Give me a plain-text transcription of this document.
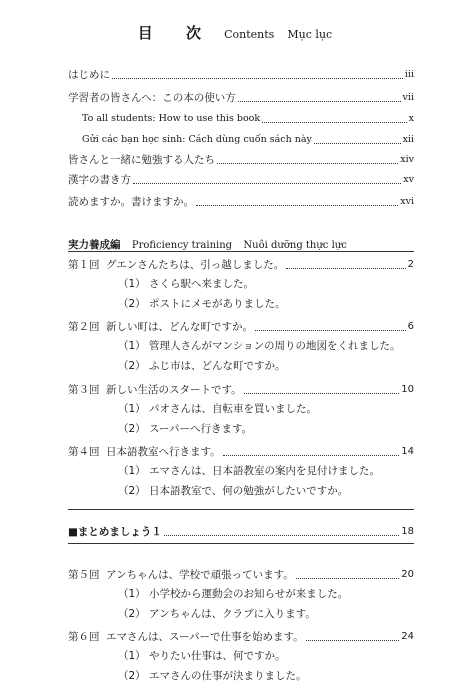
目 次 Contents Mục lục
はじめに	iii
学習者の皆さんへ：この本の使い方	vii
To all students: How to use this book	x
Gửi các bạn học sinh: Cách dùng cuốn sách này	xii
皆さんと一緒に勉強する人たち	xiv
漢字の書き方	xv
読めますか。書けますか。	xvi
実力養成編 Proficiency training Nuôi dưỡng thực lực
第１回 グエンさんたちは、引っ越しました。	2
（1） さくら駅へ来ました。
（2） ポストにメモがありました。
第２回 新しい町は、どんな町ですか。	6
（1） 管理人さんがマンションの周りの地図をくれました。
（2） ふじ市は、どんな町ですか。
第３回 新しい生活のスタートです。	10
（1） パオさんは、自転車を買いました。
（2） スーパーへ行きます。
第４回 日本語教室へ行きます。	14
（1） エマさんは、日本語教室の案内を見付けました。
（2） 日本語教室で、何の勉強がしたいですか。
■まとめましょう１	18
第５回 アンちゃんは、学校で頑張っています。	20
（1） 小学校から運動会のお知らせが来ました。
（2） アンちゃんは、クラブに入ります。
第６回 エマさんは、スーパーで仕事を始めます。	24
（1） やりたい仕事は、何ですか。
（2） エマさんの仕事が決まりました。
